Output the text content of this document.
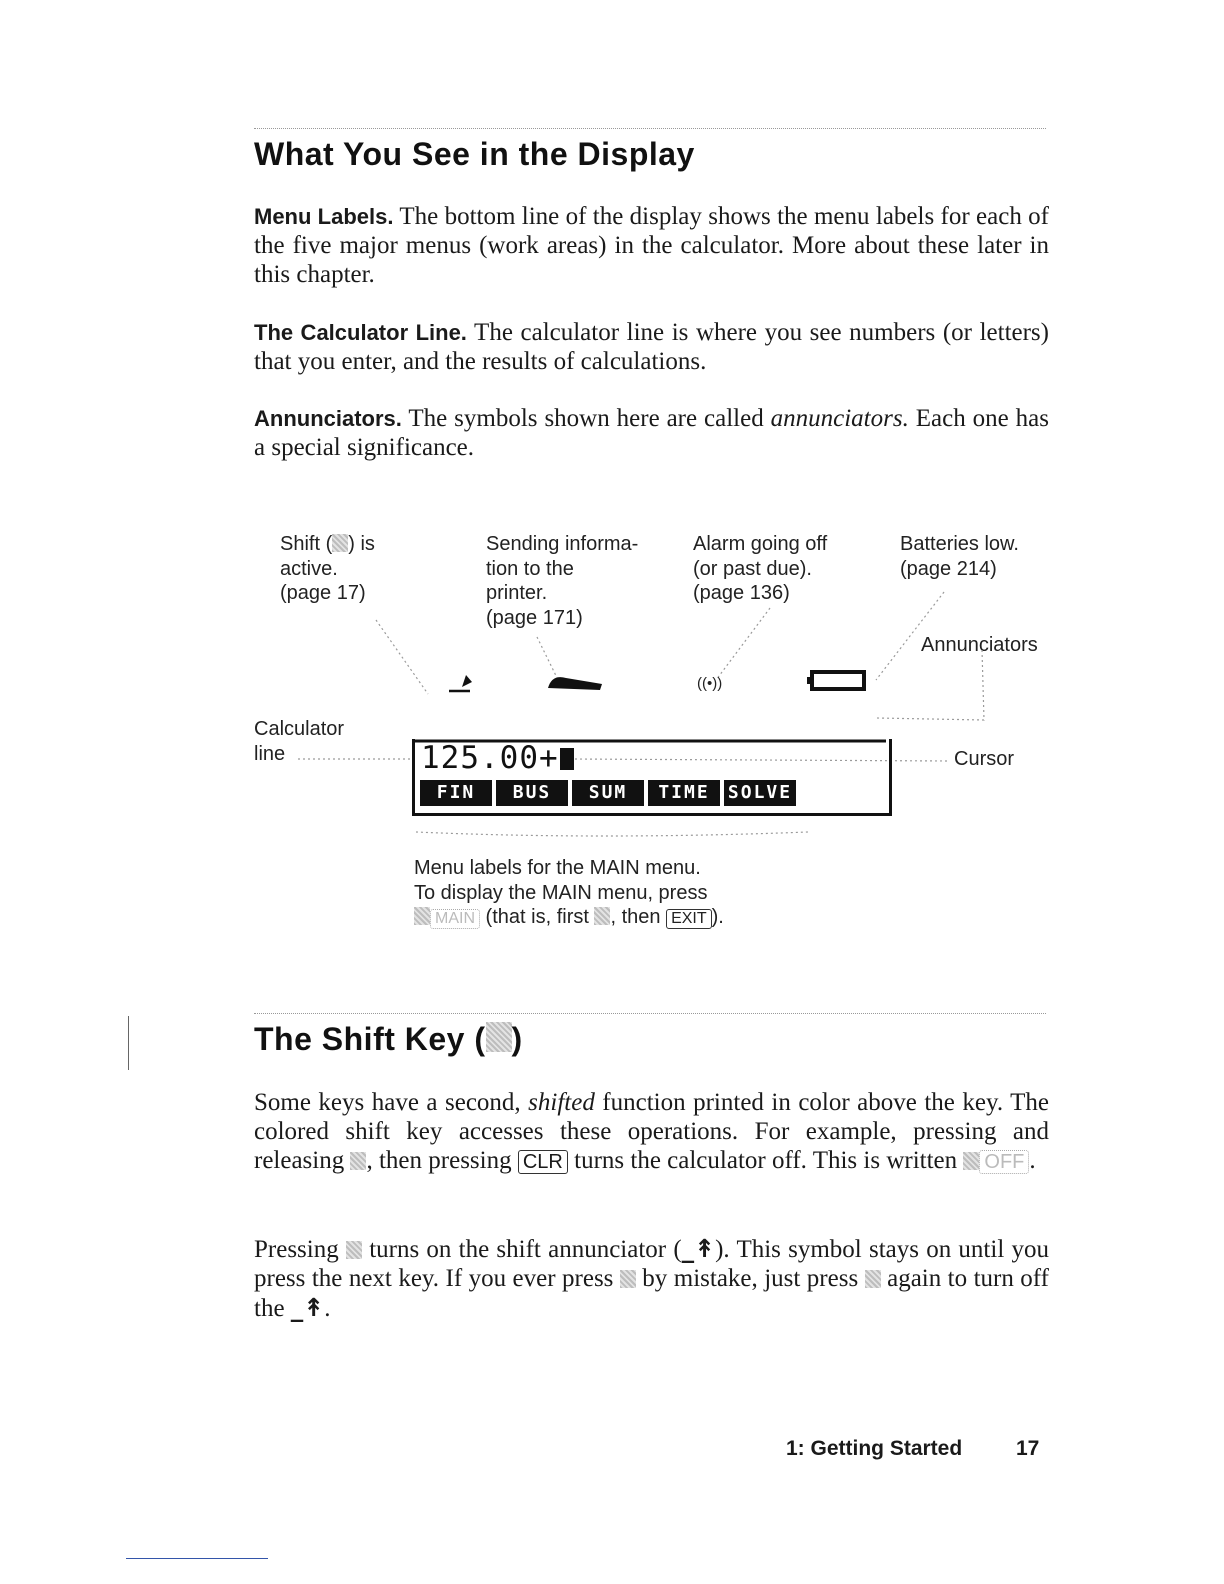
What You See in the Display

Menu Labels. The bottom line of the display shows the menu labels for each of the five major menus (work areas) in the calculator. More about these later in this chapter.

The Calculator Line. The calculator line is where you see numbers (or letters) that you enter, and the results of calculations.

Annunciators. The symbols shown here are called annunciators. Each one has a special significance.

Shift ( ) is
active.
(page 17)
Sending informa-
tion to the
printer.
(page 171)
Alarm going off
(or past due).
(page 136)
Batteries low.
(page 214)
Annunciators
Calculator
line	Cursor
((•))
125.00+
FIN	BUS	SUM	TIME	SOLVE
Menu labels for the MAIN menu.
To display the MAIN menu, press
MAIN (that is, first , then EXIT ).
The Shift Key ( )

Some keys have a second, shifted function printed in color above the key. The colored shift key accesses these operations. For example, pressing and releasing , then pressing CLR turns the calculator off. This is written OFF .

Pressing  turns on the shift annunciator (_↟). This symbol stays on until you press the next key. If you ever press  by mistake, just press  again to turn off the _↟.

1: Getting Started	17
